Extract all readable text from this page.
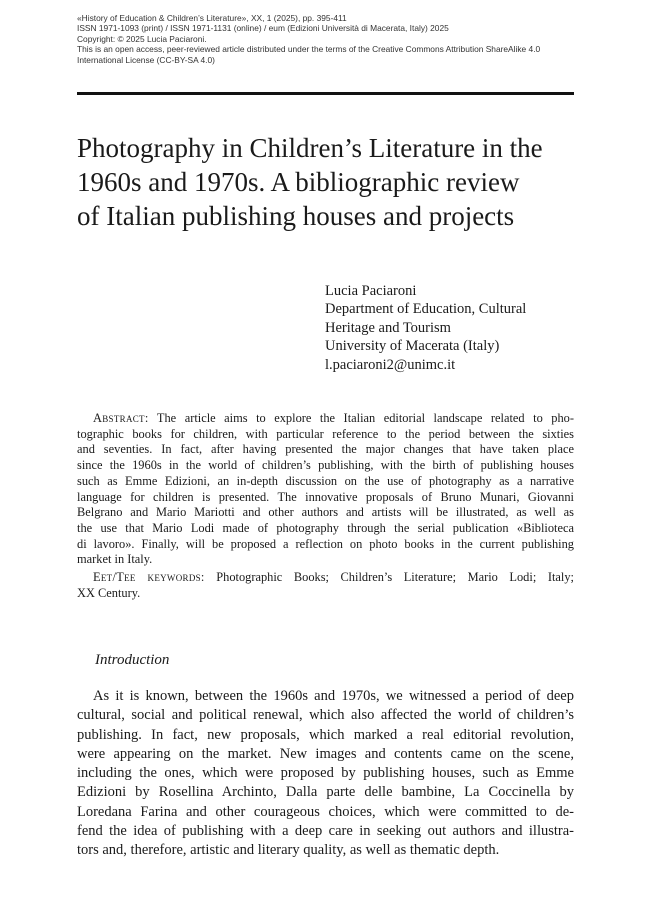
«History of Education & Children’s Literature», XX, 1 (2025), pp. 395-411
ISSN 1971-1093 (print) / ISSN 1971-1131 (online) / eum (Edizioni Università di Macerata, Italy) 2025
Copyright: © 2025 Lucia Paciaroni.
This is an open access, peer-reviewed article distributed under the terms of the Creative Commons Attribution ShareAlike 4.0
International License (CC-BY-SA 4.0)
Photography in Children’s Literature in the
1960s and 1970s. A bibliographic review
of Italian publishing houses and projects
Lucia Paciaroni
Department of Education, Cultural
Heritage and Tourism
University of Macerata (Italy)
l.paciaroni2@unimc.it
Abstract: The article aims to explore the Italian editorial landscape related to pho-
tographic books for children, with particular reference to the period between the sixties
and seventies. In fact, after having presented the major changes that have taken place
since the 1960s in the world of children’s publishing, with the birth of publishing houses
such as Emme Edizioni, an in-depth discussion on the use of photography as a narrative
language for children is presented. The innovative proposals of Bruno Munari, Giovanni
Belgrano and Mario Mariotti and other authors and artists will be illustrated, as well as
the use that Mario Lodi made of photography through the serial publication «Biblioteca
di lavoro». Finally, will be proposed a reflection on photo books in the current publishing
market in Italy.
Eet/Tee keywords: Photographic Books; Children’s Literature; Mario Lodi; Italy;
XX Century.
Introduction
As it is known, between the 1960s and 1970s, we witnessed a period of deep
cultural, social and political renewal, which also affected the world of children’s
publishing. In fact, new proposals, which marked a real editorial revolution,
were appearing on the market. New images and contents came on the scene,
including the ones, which were proposed by publishing houses, such as Emme
Edizioni by Rosellina Archinto, Dalla parte delle bambine, La Coccinella by
Loredana Farina and other courageous choices, which were committed to de-
fend the idea of publishing with a deep care in seeking out authors and illustra-
tors and, therefore, artistic and literary quality, as well as thematic depth.
